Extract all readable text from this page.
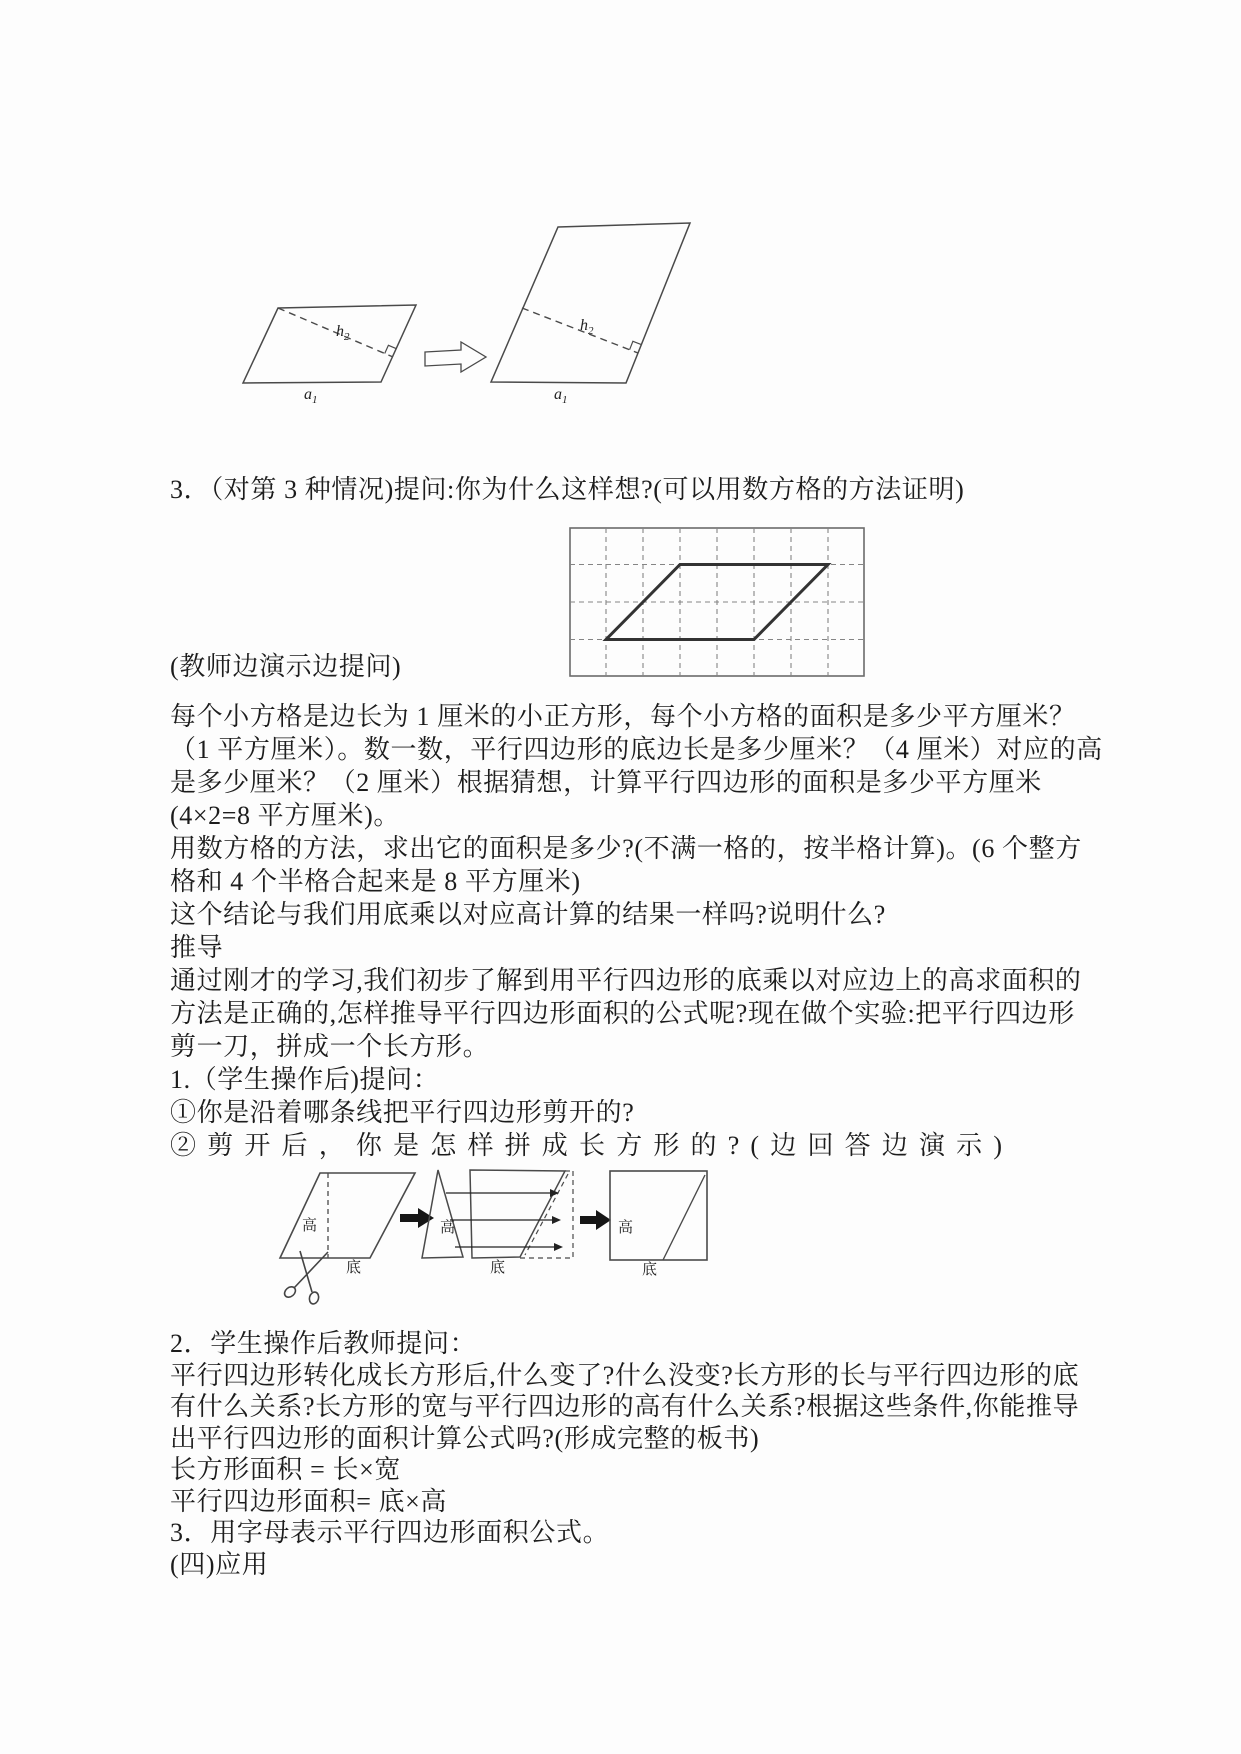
$h_2$
$a_1$
$h_2$
$a_1$
3．（对第 3 种情况)提问:你为什么这样想?(可以用数方格的方法证明)
(教师边演示边提问)
每个小方格是边长为 1 厘米的小正方形，每个小方格的面积是多少平方厘米？
（1 平方厘米）。数一数，平行四边形的底边长是多少厘米？（4 厘米）对应的高
是多少厘米？（2 厘米）根据猜想，计算平行四边形的面积是多少平方厘米
(4×2=8 平方厘米)。
用数方格的方法，求出它的面积是多少?(不满一格的，按半格计算)。(6 个整方
格和 4 个半格合起来是 8 平方厘米)
这个结论与我们用底乘以对应高计算的结果一样吗?说明什么?
推导
通过刚才的学习,我们初步了解到用平行四边形的底乘以对应边上的高求面积的
方法是正确的,怎样推导平行四边形面积的公式呢?现在做个实验:把平行四边形
剪一刀，拼成一个长方形。
1.（学生操作后)提问：
①你是沿着哪条线把平行四边形剪开的?
②剪开后，你是怎样拼成长方形的?(边回答边演示)
高
底
高
底
高
底
2．学生操作后教师提问：
平行四边形转化成长方形后,什么变了?什么没变?长方形的长与平行四边形的底
有什么关系?长方形的宽与平行四边形的高有什么关系?根据这些条件,你能推导
出平行四边形的面积计算公式吗?(形成完整的板书)
长方形面积 = 长×宽
平行四边形面积= 底×高
3．用字母表示平行四边形面积公式。
(四)应用
